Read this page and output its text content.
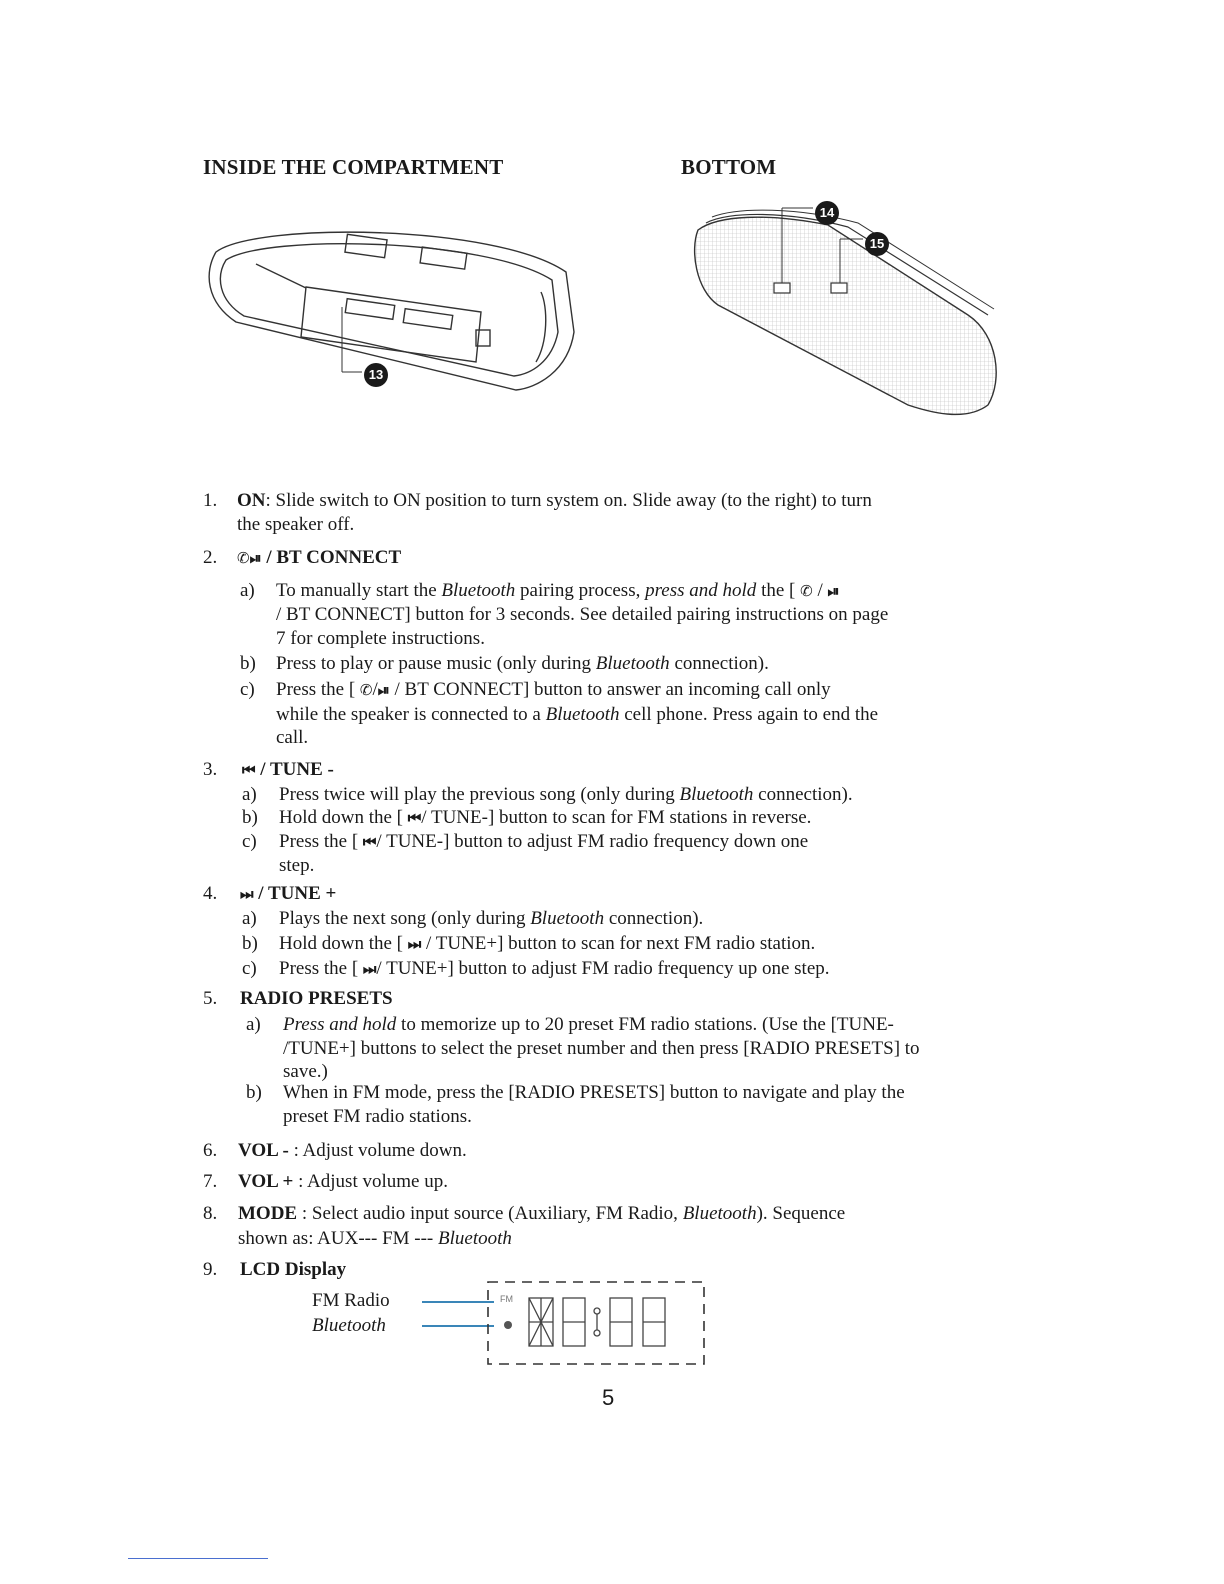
INSIDE THE COMPARTMENT	BOTTOM
13
14
15
1. ON: Slide switch to ON position to turn system on. Slide away (to the right) to turn
the speaker off.
2. ✆⏯ / BT CONNECT
a) To manually start the Bluetooth pairing process, press and hold the [ ✆ / ⏯
/ BT CONNECT] button for 3 seconds. See detailed pairing instructions on page
7 for complete instructions.
b) Press to play or pause music (only during Bluetooth connection).
c) Press the [ ✆/⏯ / BT CONNECT] button to answer an incoming call only
while the speaker is connected to a Bluetooth cell phone. Press again to end the
call.
3. ⏮ / TUNE -
a) Press twice will play the previous song (only during Bluetooth connection).
b) Hold down the [ ⏮/ TUNE-] button to scan for FM stations in reverse.
c) Press the [ ⏮/ TUNE-] button to adjust FM radio frequency down one
step.
4. ⏭ / TUNE +
a) Plays the next song (only during Bluetooth connection).
b) Hold down the [ ⏭ / TUNE+] button to scan for next FM radio station.
c) Press the [ ⏭/ TUNE+] button to adjust FM radio frequency up one step.
5. RADIO PRESETS
a) Press and hold to memorize up to 20 preset FM radio stations. (Use the [TUNE-
/TUNE+] buttons to select the preset number and then press [RADIO PRESETS] to
save.)
b) When in FM mode, press the [RADIO PRESETS] button to navigate and play the
preset FM radio stations.
6. VOL - : Adjust volume down.
7. VOL + : Adjust volume up.
8. MODE : Select audio input source (Auxiliary, FM Radio, Bluetooth). Sequence
shown as: AUX--- FM --- Bluetooth
9. LCD Display
FM Radio
Bluetooth
FM
5
